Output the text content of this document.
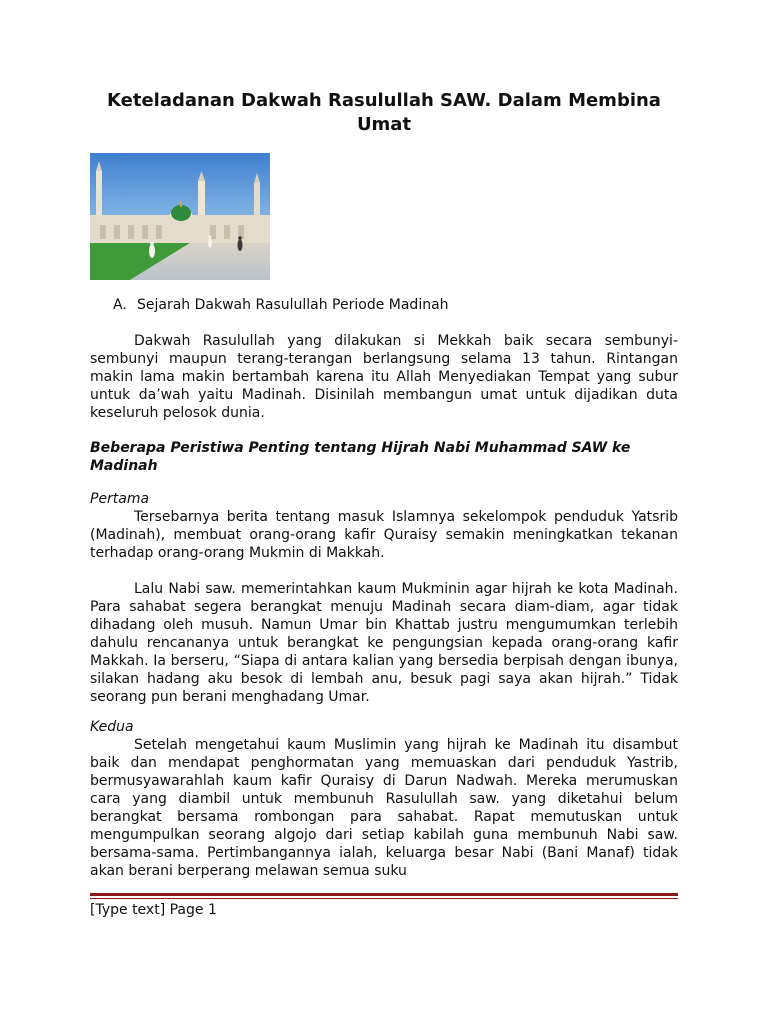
Keteladanan Dakwah Rasulullah SAW. Dalam Membina Umat

A. Sejarah Dakwah Rasulullah Periode Madinah

Dakwah Rasulullah yang dilakukan si Mekkah baik secara sembunyi-sembunyi maupun terang-terangan berlangsung selama 13 tahun. Rintangan makin lama makin bertambah karena itu Allah Menyediakan Tempat yang subur untuk da’wah yaitu Madinah. Disinilah membangun umat untuk dijadikan duta keseluruh pelosok dunia.

Beberapa Peristiwa Penting tentang Hijrah Nabi Muhammad SAW ke Madinah

Pertama

Tersebarnya berita tentang masuk Islamnya sekelompok penduduk Yatsrib (Madinah), membuat orang-orang kafir Quraisy semakin meningkatkan tekanan terhadap orang-orang Mukmin di Makkah.

Lalu Nabi saw. memerintahkan kaum Mukminin agar hijrah ke kota Madinah. Para sahabat segera berangkat menuju Madinah secara diam-diam, agar tidak dihadang oleh musuh. Namun Umar bin Khattab justru mengumumkan terlebih dahulu rencananya untuk berangkat ke pengungsian kepada orang-orang kafir Makkah. Ia berseru, “Siapa di antara kalian yang bersedia berpisah dengan ibunya, silakan hadang aku besok di lembah anu, besuk pagi saya akan hijrah.” Tidak seorang pun berani menghadang Umar.

Kedua

Setelah mengetahui kaum Muslimin yang hijrah ke Madinah itu disambut baik dan mendapat penghormatan yang memuaskan dari penduduk Yastrib, bermusyawarahlah kaum kafir Quraisy di Darun Nadwah. Mereka merumuskan cara yang diambil untuk membunuh Rasulullah saw. yang diketahui belum berangkat bersama rombongan para sahabat. Rapat memutuskan untuk mengumpulkan seorang algojo dari setiap kabilah guna membunuh Nabi saw. bersama-sama. Pertimbangannya ialah, keluarga besar Nabi (Bani Manaf) tidak akan berani berperang melawan semua suku

[Type text] Page 1
